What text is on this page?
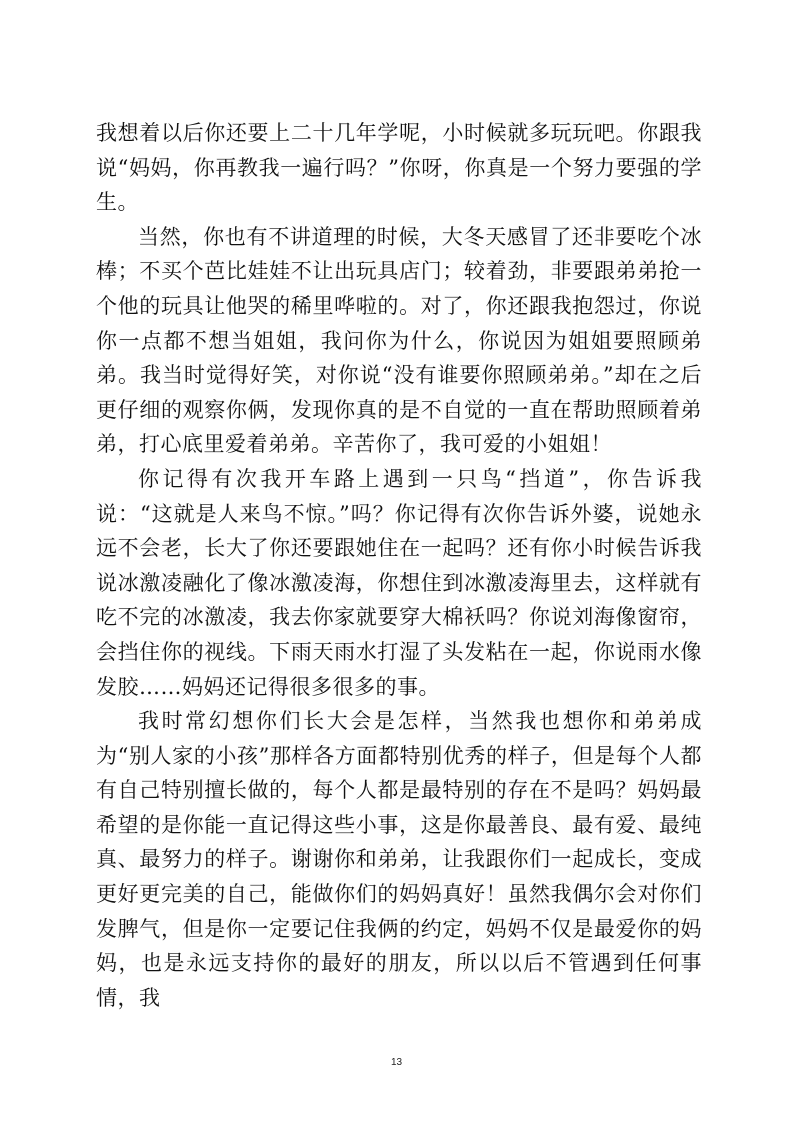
我想着以后你还要上二十几年学呢，小时候就多玩玩吧。你跟我说“妈妈，你再教我一遍行吗？”你呀，你真是一个努力要强的学生。

当然，你也有不讲道理的时候，大冬天感冒了还非要吃个冰棒；不买个芭比娃娃不让出玩具店门；较着劲，非要跟弟弟抢一个他的玩具让他哭的稀里哗啦的。对了，你还跟我抱怨过，你说你一点都不想当姐姐，我问你为什么，你说因为姐姐要照顾弟弟。我当时觉得好笑，对你说“没有谁要你照顾弟弟。”却在之后更仔细的观察你俩，发现你真的是不自觉的一直在帮助照顾着弟弟，打心底里爱着弟弟。辛苦你了，我可爱的小姐姐！

你记得有次我开车路上遇到一只鸟“挡道”，你告诉我说：“这就是人来鸟不惊。”吗？你记得有次你告诉外婆，说她永远不会老，长大了你还要跟她住在一起吗？还有你小时候告诉我说冰激凌融化了像冰激凌海，你想住到冰激凌海里去，这样就有吃不完的冰激凌，我去你家就要穿大棉袄吗？你说刘海像窗帘，会挡住你的视线。下雨天雨水打湿了头发粘在一起，你说雨水像发胶……妈妈还记得很多很多的事。

我时常幻想你们长大会是怎样，当然我也想你和弟弟成为“别人家的小孩”那样各方面都特别优秀的样子，但是每个人都有自己特别擅长做的，每个人都是最特别的存在不是吗？妈妈最希望的是你能一直记得这些小事，这是你最善良、最有爱、最纯真、最努力的样子。谢谢你和弟弟，让我跟你们一起成长，变成更好更完美的自己，能做你们的妈妈真好！虽然我偶尔会对你们发脾气，但是你一定要记住我俩的约定，妈妈不仅是最爱你的妈妈，也是永远支持你的最好的朋友，所以以后不管遇到任何事情，我

13
